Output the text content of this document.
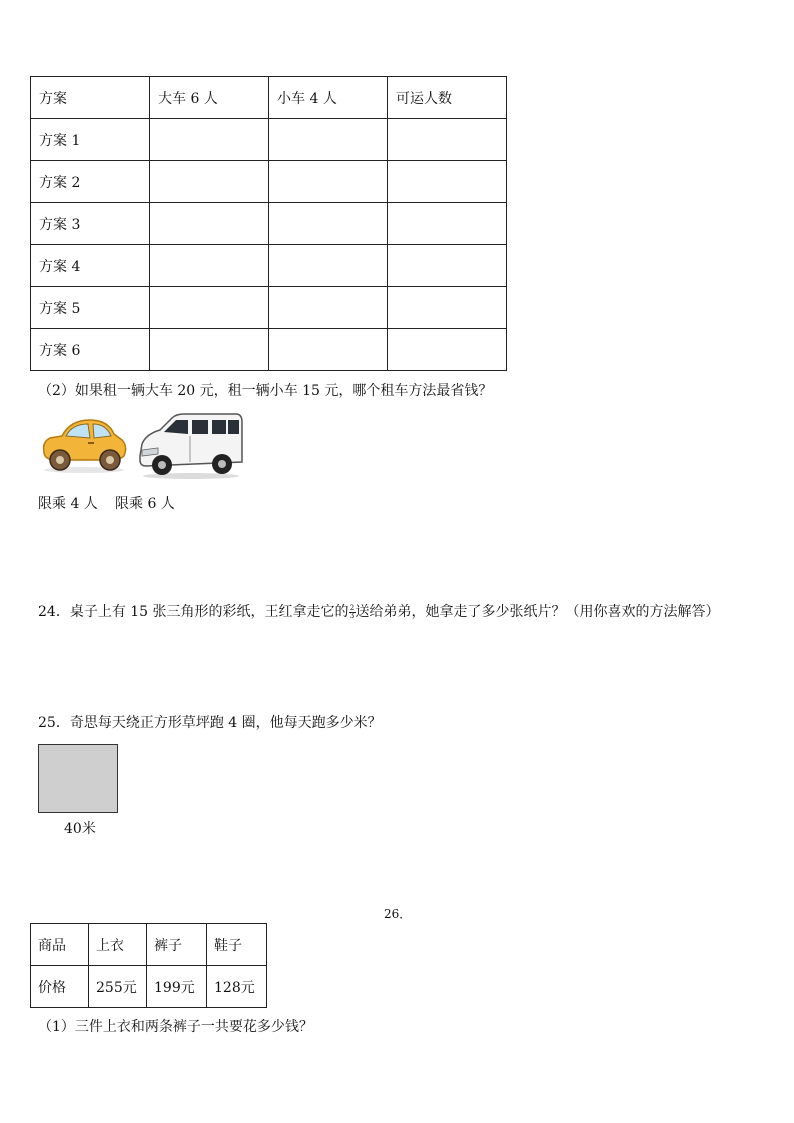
方案	大车 6 人	小车 4 人	可运人数
方案 1			
方案 2			
方案 3			
方案 4			
方案 5			
方案 6			
（2）如果租一辆大车 20 元，租一辆小车 15 元，哪个租车方法最省钱？
限乘 4 人 限乘 6 人
24．桌子上有 15 张三角形的彩纸，王红拿走它的 $\frac{2}{3}$ 送给弟弟，她拿走了多少张纸片？（用你喜欢的方法解答）
25．奇思每天绕正方形草坪跑 4 圈，他每天跑多少米？
40米
26．
商品	上衣	裤子	鞋子
价格	255元	199元	128元
（1）三件上衣和两条裤子一共要花多少钱？
